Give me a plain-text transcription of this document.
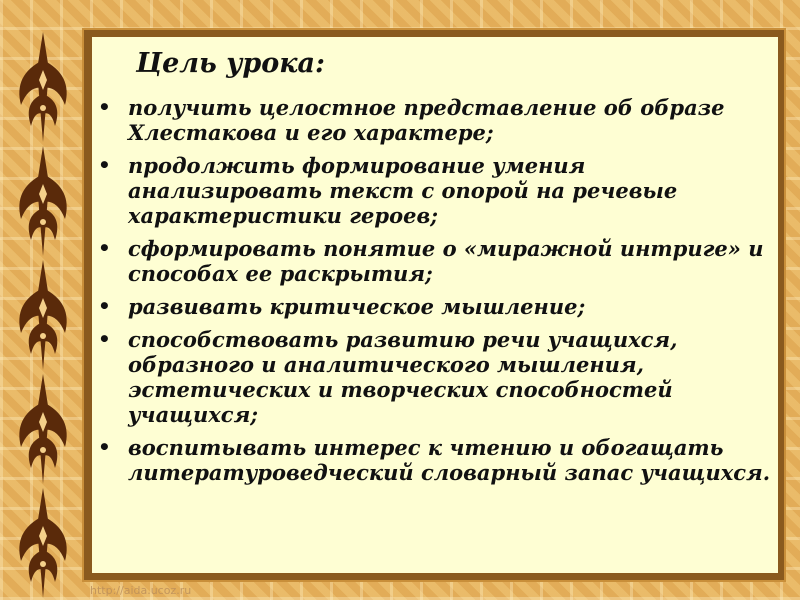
Цель урока:
• получить целостное представление об образе Хлестакова и его характере;
• продолжить формирование умения анализировать текст с опорой на речевые характеристики героев;
• сформировать понятие о «миражной интриге» и способах ее раскрытия;
• развивать критическое мышление;
• способствовать развитию речи учащихся, образного и аналитического мышления, эстетических и творческих способностей учащихся;
• воспитывать интерес к чтению и обогащать литературоведческий словарный запас учащихся.
http://aida.ucoz.ru
